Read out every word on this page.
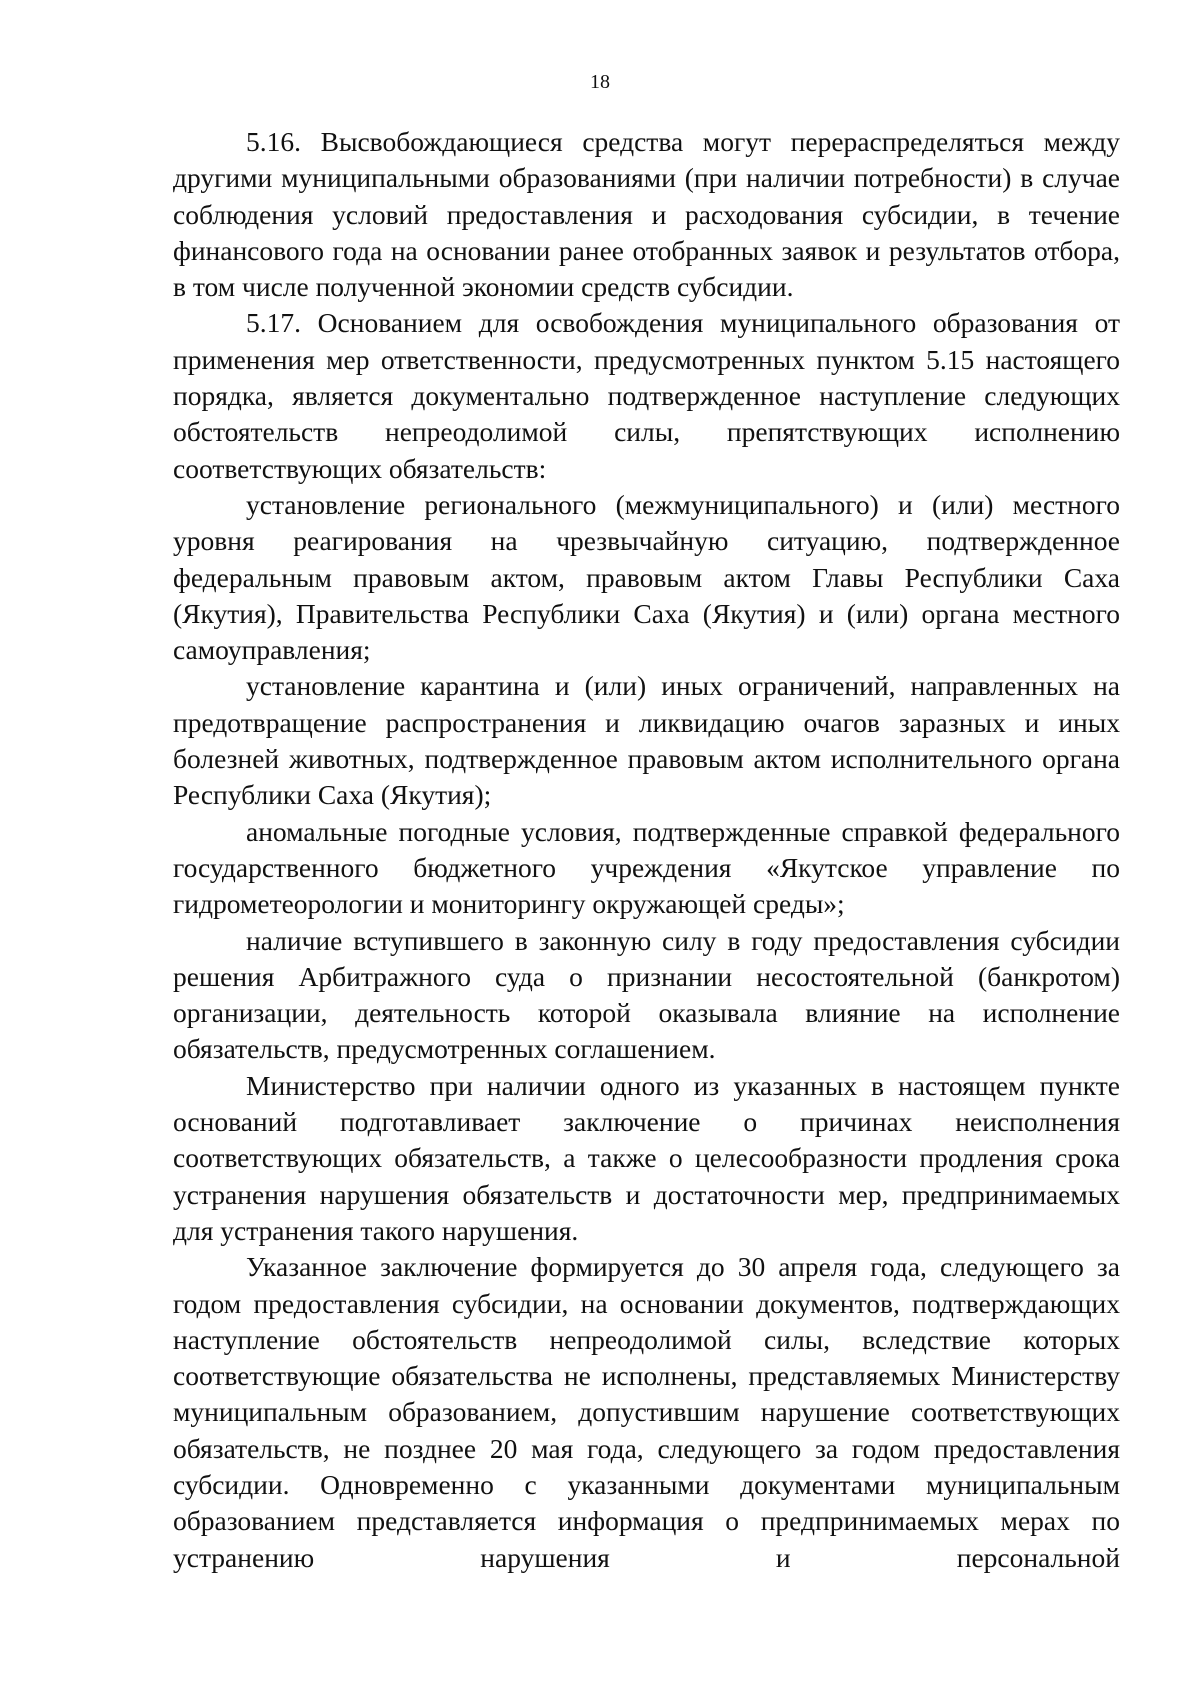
18

5.16. Высвобождающиеся средства могут перераспределяться между другими муниципальными образованиями (при наличии потребности) в случае соблюдения условий предоставления и расходования субсидии, в течение финансового года на основании ранее отобранных заявок и результатов отбора, в том числе полученной экономии средств субсидии.

5.17. Основанием для освобождения муниципального образования от применения мер ответственности, предусмотренных пунктом 5.15 настоящего порядка, является документально подтвержденное наступление следующих обстоятельств непреодолимой силы, препятствующих исполнению соответствующих обязательств:

установление регионального (межмуниципального) и (или) местного уровня реагирования на чрезвычайную ситуацию, подтвержденное федеральным правовым актом, правовым актом Главы Республики Саха (Якутия), Правительства Республики Саха (Якутия) и (или) органа местного самоуправления;

установление карантина и (или) иных ограничений, направленных на предотвращение распространения и ликвидацию очагов заразных и иных болезней животных, подтвержденное правовым актом исполнительного органа Республики Саха (Якутия);

аномальные погодные условия, подтвержденные справкой федерального государственного бюджетного учреждения «Якутское управление по гидрометеорологии и мониторингу окружающей среды»;

наличие вступившего в законную силу в году предоставления субсидии решения Арбитражного суда о признании несостоятельной (банкротом) организации, деятельность которой оказывала влияние на исполнение обязательств, предусмотренных соглашением.

Министерство при наличии одного из указанных в настоящем пункте оснований подготавливает заключение о причинах неисполнения соответствующих обязательств, а также о целесообразности продления срока устранения нарушения обязательств и достаточности мер, предпринимаемых для устранения такого нарушения.

Указанное заключение формируется до 30 апреля года, следующего за годом предоставления субсидии, на основании документов, подтверждающих наступление обстоятельств непреодолимой силы, вследствие которых соответствующие обязательства не исполнены, представляемых Министерству муниципальным образованием, допустившим нарушение соответствующих обязательств, не позднее 20 мая года, следующего за годом предоставления субсидии. Одновременно с указанными документами муниципальным образованием представляется информация о предпринимаемых мерах по устранению нарушения и персональной
